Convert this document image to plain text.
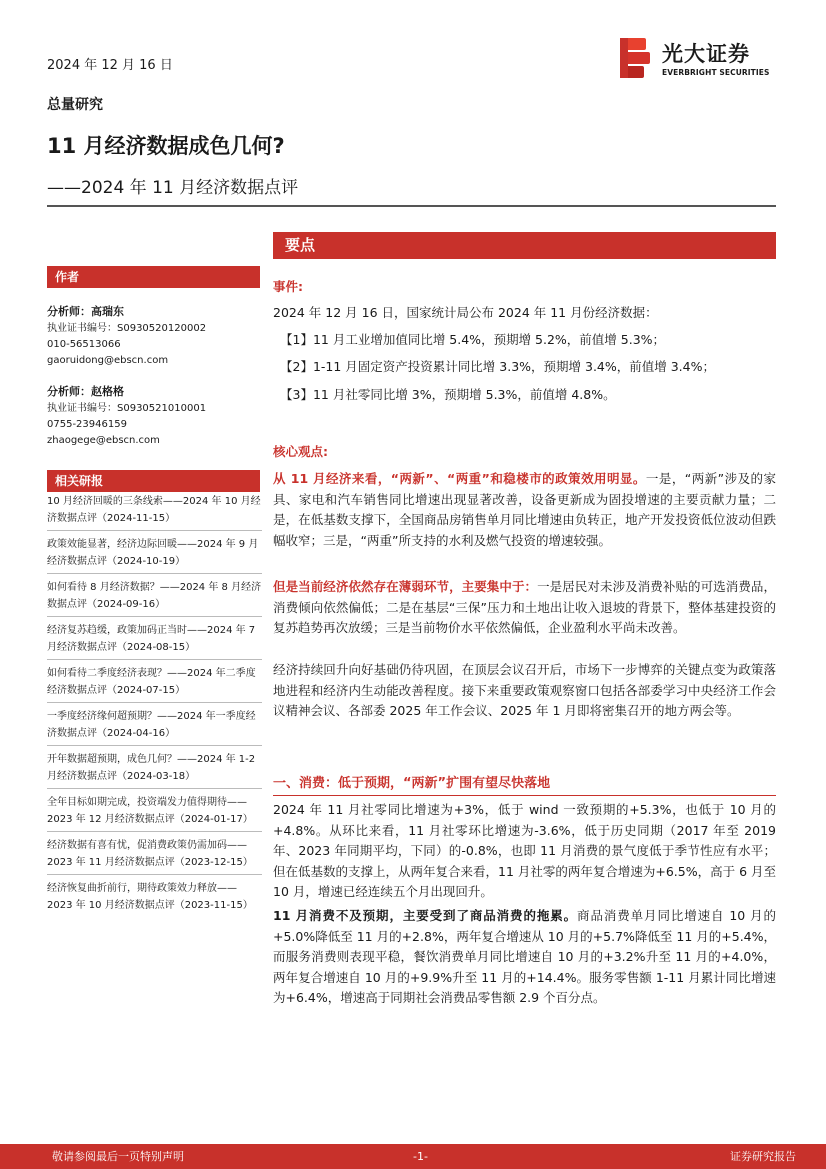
2024 年 12 月 16 日	光大证券
EVERBRIGHT SECURITIES
总量研究
11 月经济数据成色几何?
——2024 年 11 月经济数据点评
要点
作者
分析师：高瑞东
执业证书编号：S0930520120002
010-56513066
gaoruidong@ebscn.com
分析师：赵格格
执业证书编号：S0930521010001
0755-23946159
zhaogege@ebscn.com
相关研报
10 月经济回暖的三条线索——2024 年 10 月经济数据点评（2024-11-15）
政策效能显著，经济边际回暖——2024 年 9 月经济数据点评（2024-10-19）
如何看待 8 月经济数据？——2024 年 8 月经济数据点评（2024-09-16）
经济复苏趋缓，政策加码正当时——2024 年 7 月经济数据点评（2024-08-15）
如何看待二季度经济表现？——2024 年二季度经济数据点评（2024-07-15）
一季度经济缘何超预期？——2024 年一季度经济数据点评（2024-04-16）
开年数据超预期，成色几何？——2024 年 1-2 月经济数据点评（2024-03-18）
全年目标如期完成，投资端发力值得期待——2023 年 12 月经济数据点评（2024-01-17）
经济数据有喜有忧，促消费政策仍需加码——2023 年 11 月经济数据点评（2023-12-15）
经济恢复曲折前行，期待政策效力释放——2023 年 10 月经济数据点评（2023-11-15）
事件:
2024 年 12 月 16 日，国家统计局公布 2024 年 11 月份经济数据：
【1】11 月工业增加值同比增 5.4%，预期增 5.2%，前值增 5.3%；
【2】1-11 月固定资产投资累计同比增 3.3%，预期增 3.4%，前值增 3.4%；
【3】11 月社零同比增 3%，预期增 5.3%，前值增 4.8%。
核心观点:
从 11 月经济来看，“两新”、“两重”和稳楼市的政策效用明显。一是，“两新”涉及的家具、家电和汽车销售同比增速出现显著改善，设备更新成为固投增速的主要贡献力量；二是，在低基数支撑下，全国商品房销售单月同比增速由负转正，地产开发投资低位波动但跌幅收窄；三是，“两重”所支持的水利及燃气投资的增速较强。
但是当前经济依然存在薄弱环节，主要集中于：一是居民对未涉及消费补贴的可选消费品，消费倾向依然偏低；二是在基层“三保”压力和土地出让收入退坡的背景下，整体基建投资的复苏趋势再次放缓；三是当前物价水平依然偏低，企业盈利水平尚未改善。
经济持续回升向好基础仍待巩固，在顶层会议召开后，市场下一步博弈的关键点变为政策落地进程和经济内生动能改善程度。接下来重要政策观察窗口包括各部委学习中央经济工作会议精神会议、各部委 2025 年工作会议、2025 年 1 月即将密集召开的地方两会等。
一、消费：低于预期，“两新”扩围有望尽快落地
2024 年 11 月社零同比增速为+3%，低于 wind 一致预期的+5.3%，也低于 10 月的+4.8%。从环比来看，11 月社零环比增速为-3.6%，低于历史同期（2017 年至 2019 年、2023 年同期平均，下同）的-0.8%，也即 11 月消费的景气度低于季节性应有水平；但在低基数的支撑上，从两年复合来看，11 月社零的两年复合增速为+6.5%，高于 6 月至 10 月，增速已经连续五个月出现回升。
11 月消费不及预期，主要受到了商品消费的拖累。商品消费单月同比增速自 10 月的+5.0%降低至 11 月的+2.8%，两年复合增速从 10 月的+5.7%降低至 11 月的+5.4%，而服务消费则表现平稳，餐饮消费单月同比增速自 10 月的+3.2%升至 11 月的+4.0%，两年复合增速自 10 月的+9.9%升至 11 月的+14.4%。服务零售额 1-11 月累计同比增速为+6.4%，增速高于同期社会消费品零售额 2.9 个百分点。
敬请参阅最后一页特别声明	-1-	证券研究报告
